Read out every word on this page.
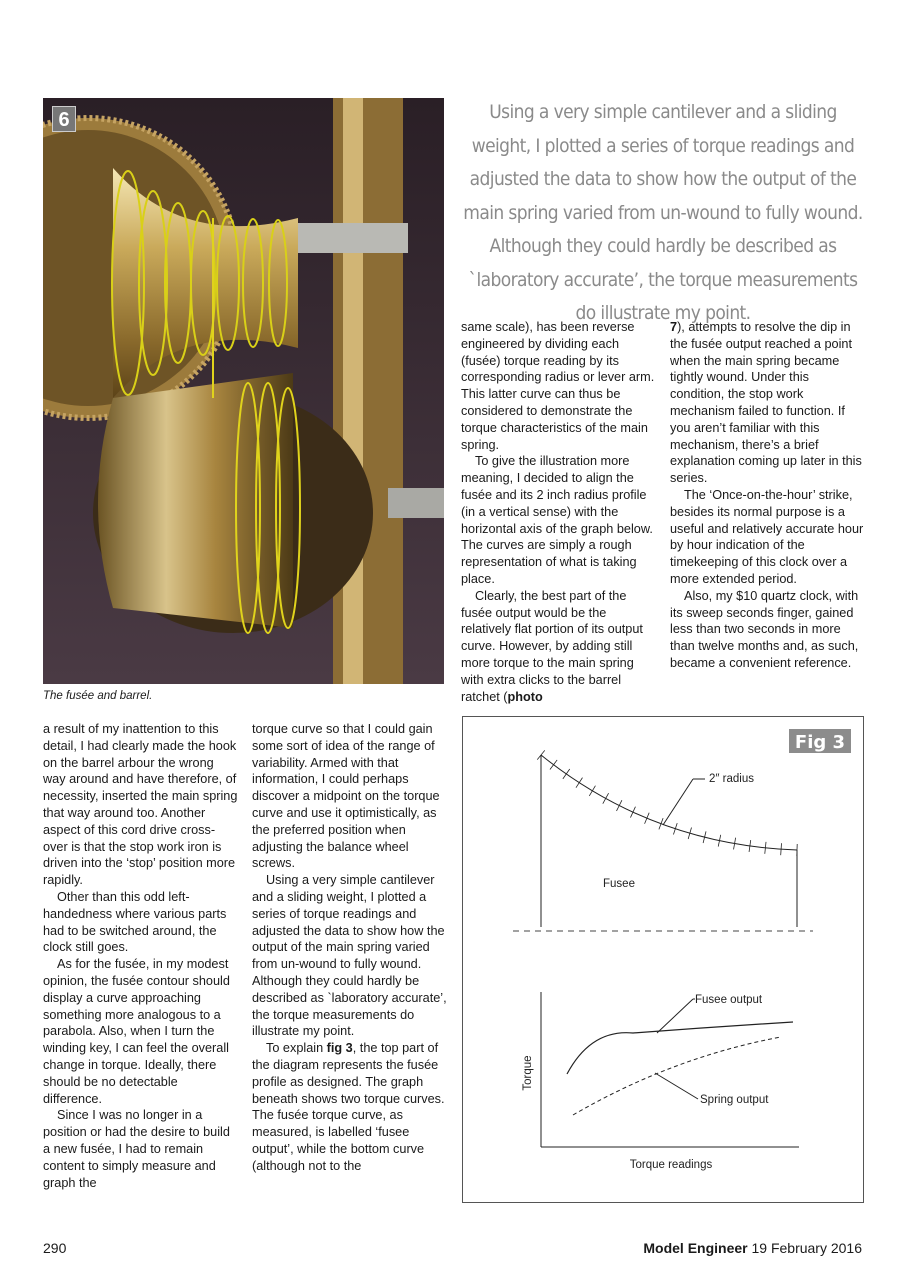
6
The fusée and barrel.
Using a very simple cantilever and a sliding weight, I plotted a series of torque readings and adjusted the data to show how the output of the main spring varied from un-wound to fully wound. Although they could hardly be described as `laboratory accurate’, the torque measurements do illustrate my point.

same scale), has been reverse engineered by dividing each (fusée) torque reading by its corresponding radius or lever arm. This latter curve can thus be considered to demonstrate the torque characteristics of the main spring.

To give the illustration more meaning, I decided to align the fusée and its 2 inch radius profile (in a vertical sense) with the horizontal axis of the graph below. The curves are simply a rough representation of what is taking place.

Clearly, the best part of the fusée output would be the relatively flat portion of its output curve. However, by adding still more torque to the main spring with extra clicks to the barrel ratchet (photo

7), attempts to resolve the dip in the fusée output reached a point when the main spring became tightly wound. Under this condition, the stop work mechanism failed to function. If you aren’t familiar with this mechanism, there’s a brief explanation coming up later in this series.

The ‘Once-on-the-hour’ strike, besides its normal purpose is a useful and relatively accurate hour by hour indication of the timekeeping of this clock over a more extended period.

Also, my $10 quartz clock, with its sweep seconds finger, gained less than two seconds in more than twelve months and, as such, became a convenient reference.

a result of my inattention to this detail, I had clearly made the hook on the barrel arbour the wrong way around and have therefore, of necessity, inserted the main spring that way around too. Another aspect of this cord drive cross-over is that the stop work iron is driven into the ‘stop’ position more rapidly.

Other than this odd left-handedness where various parts had to be switched around, the clock still goes.

As for the fusée, in my modest opinion, the fusée contour should display a curve approaching something more analogous to a parabola. Also, when I turn the winding key, I can feel the overall change in torque. Ideally, there should be no detectable difference.

Since I was no longer in a position or had the desire to build a new fusée, I had to remain content to simply measure and graph the

torque curve so that I could gain some sort of idea of the range of variability. Armed with that information, I could perhaps discover a midpoint on the torque curve and use it optimistically, as the preferred position when adjusting the balance wheel screws.

Using a very simple cantilever and a sliding weight, I plotted a series of torque readings and adjusted the data to show how the output of the main spring varied from un-wound to fully wound. Although they could hardly be described as `laboratory accurate’, the torque measurements do illustrate my point.

To explain fig 3, the top part of the diagram represents the fusée profile as designed. The graph beneath shows two torque curves. The fusée torque curve, as measured, is labelled ‘fusee output’, while the bottom curve (although not to the

Fig 3
2″ radius
Fusee
Fusee output
Spring output
Torque
Torque readings
290	Model Engineer 19 February 2016
